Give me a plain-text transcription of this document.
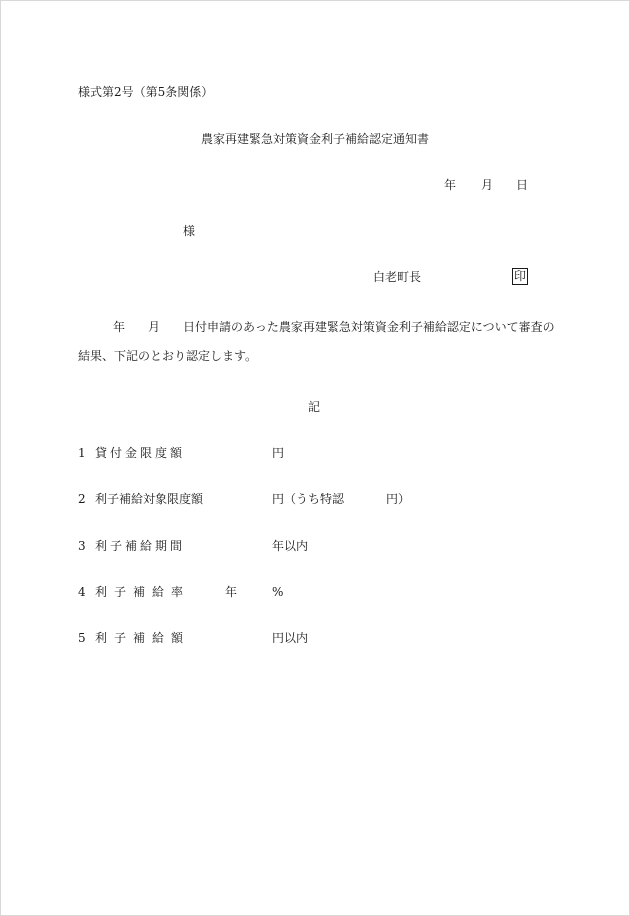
様式第2号（第5条関係）
農家再建緊急対策資金利子補給認定通知書
年 月 日
様
白老町長	印
年 月 日付申請のあった農家再建緊急対策資金利子補給認定について審査の
結果、下記のとおり認定します。
記
1 貸付金限度額	円
2 利子補給対象限度額	円（うち特認	円）
3 利子補給期間	年以内
4 利子補給率	年	%
5 利子補給額	円以内
